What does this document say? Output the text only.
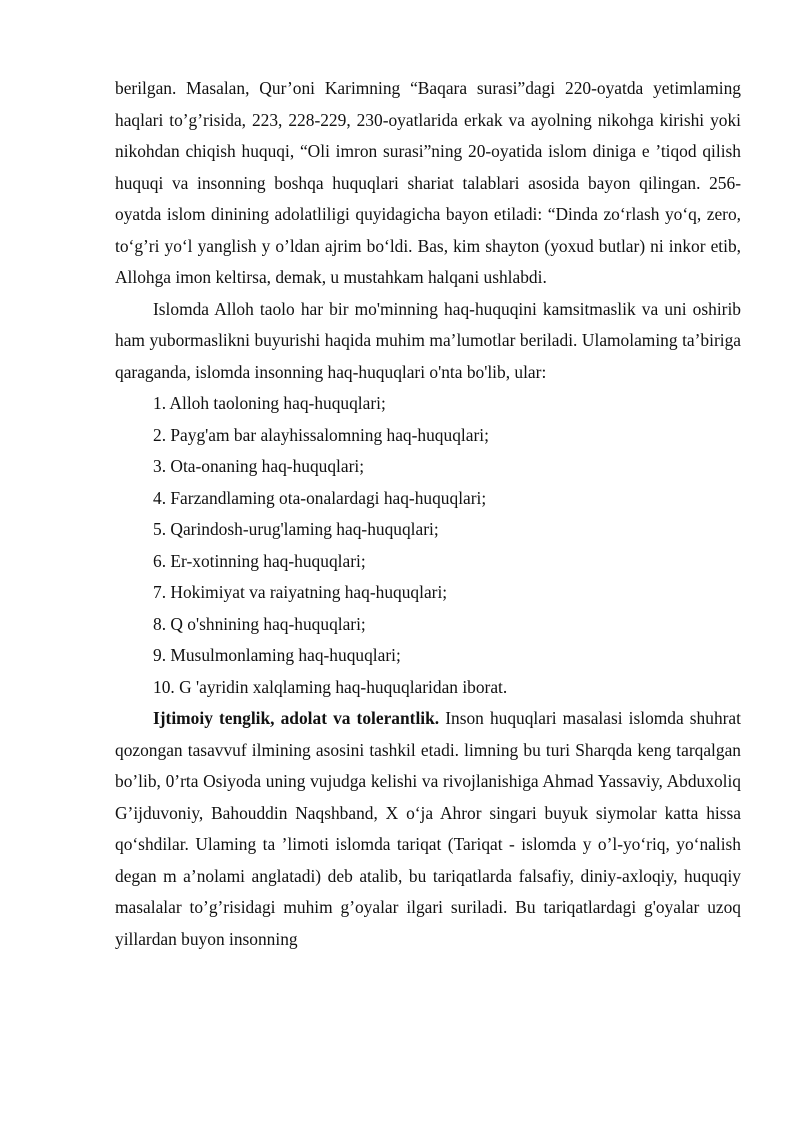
berilgan. Masalan, Qur’oni Karimning “Baqara surasi”dagi 220-oyatda yetimlaming haqlari to’g’risida, 223, 228-229, 230-oyatlarida erkak va ayolning nikohga kirishi yoki nikohdan chiqish huquqi, “Oli imron surasi”ning 20-oyatida islom diniga e ’tiqod qilish huquqi va insonning boshqa huquqlari shariat talablari asosida bayon qilingan. 256-oyatda islom dinining adolatliligi quyidagicha bayon etiladi: “Dinda zo‘rlash yo‘q, zero, to‘g’ri yo‘l yanglish y o’ldan ajrim bo‘ldi. Bas, kim shayton (yoxud butlar) ni inkor etib, Allohga imon keltirsa, demak, u mustahkam halqani ushlabdi.

Islomda Alloh taolo har bir mo'minning haq-huquqini kamsitmaslik va uni oshirib ham yubormaslikni buyurishi haqida muhim ma’lumotlar beriladi. Ulamolaming ta’biriga qaraganda, islomda insonning haq-huquqlari o'nta bo'lib, ular:

1. Alloh taoloning haq-huquqlari;
2. Payg'am bar alayhissalomning haq-huquqlari;
3. Ota-onaning haq-huquqlari;
4. Farzandlaming ota-onalardagi haq-huquqlari;
5. Qarindosh-urug'laming haq-huquqlari;
6. Er-xotinning haq-huquqlari;
7. Hokimiyat va raiyatning haq-huquqlari;
8. Q o'shnining haq-huquqlari;
9. Musulmonlaming haq-huquqlari;
10. G 'ayridin xalqlaming haq-huquqlaridan iborat.

Ijtimoiy tenglik, adolat va tolerantlik. Inson huquqlari masalasi islomda shuhrat qozongan tasavvuf ilmining asosini tashkil etadi. limning bu turi Sharqda keng tarqalgan bo’lib, 0’rta Osiyoda uning vujudga kelishi va rivojlanishiga Ahmad Yassaviy, Abduxoliq G’ijduvoniy, Bahouddin Naqshband, X o‘ja Ahror singari buyuk siymolar katta hissa qo‘shdilar. Ulaming ta ’limoti islomda tariqat (Tariqat - islomda y o’l-yo‘riq, yo‘nalish degan m a’nolami anglatadi) deb atalib, bu tariqatlarda falsafiy, diniy-axloqiy, huquqiy masalalar to’g’risidagi muhim g’oyalar ilgari suriladi. Bu tariqatlardagi g'oyalar uzoq yillardan buyon insonning
